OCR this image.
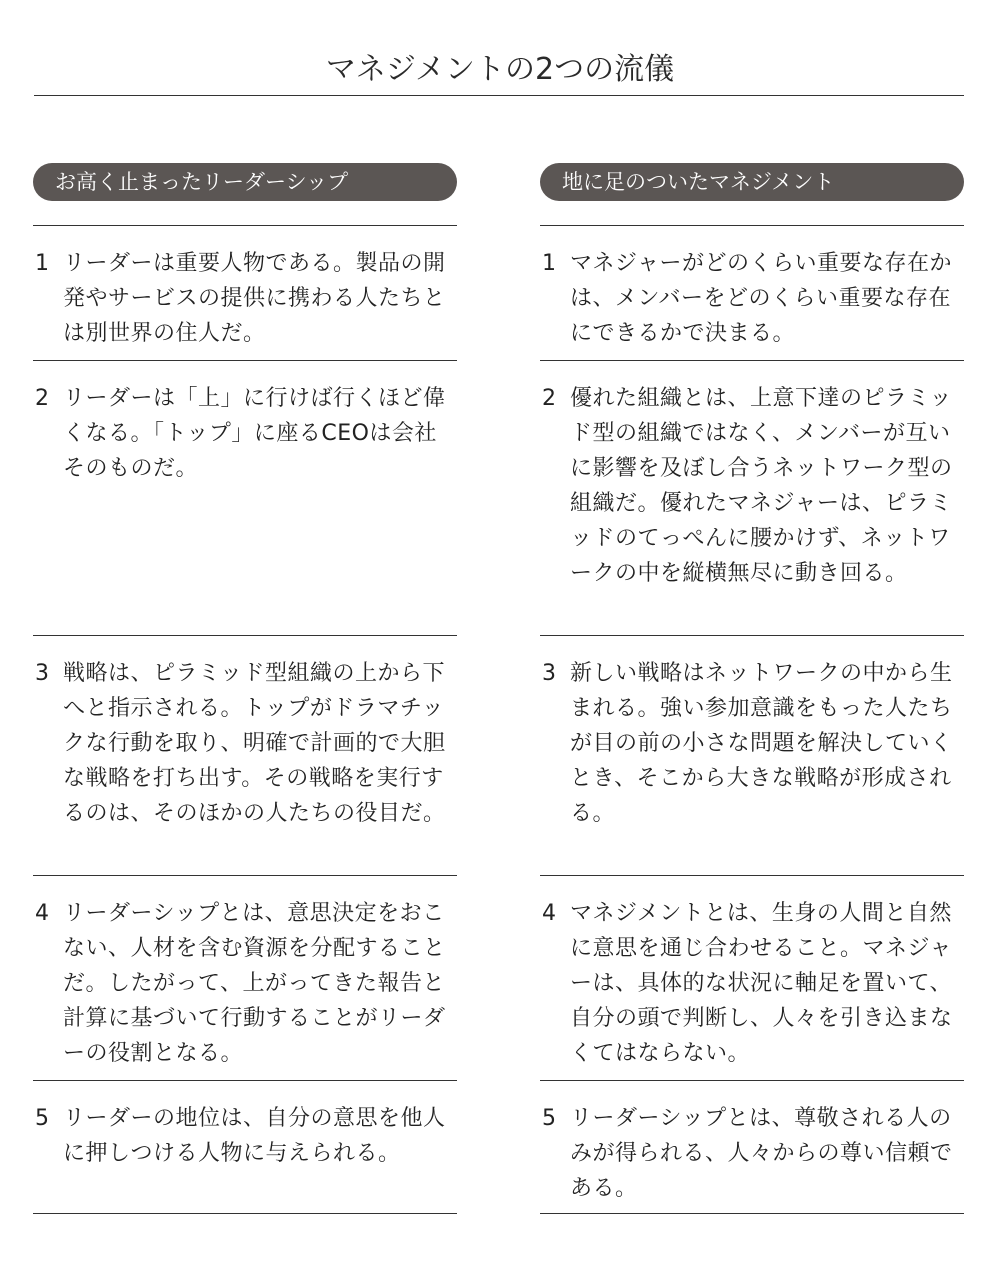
マネジメントの2つの流儀
お高く止まったリーダーシップ
1 リーダーは重要人物である。製品の開発やサービスの提供に携わる人たちとは別世界の住人だ。
2 リーダーは「上」に行けば行くほど偉くなる。「トップ」に座るCEOは会社そのものだ。
3 戦略は、ピラミッド型組織の上から下へと指示される。トップがドラマチックな行動を取り、明確で計画的で大胆な戦略を打ち出す。その戦略を実行するのは、そのほかの人たちの役目だ。
4 リーダーシップとは、意思決定をおこない、人材を含む資源を分配することだ。したがって、上がってきた報告と計算に基づいて行動することがリーダーの役割となる。
5 リーダーの地位は、自分の意思を他人に押しつける人物に与えられる。
地に足のついたマネジメント
1 マネジャーがどのくらい重要な存在かは、メンバーをどのくらい重要な存在にできるかで決まる。
2 優れた組織とは、上意下達のピラミッド型の組織ではなく、メンバーが互いに影響を及ぼし合うネットワーク型の組織だ。優れたマネジャーは、ピラミッドのてっぺんに腰かけず、ネットワークの中を縦横無尽に動き回る。
3 新しい戦略はネットワークの中から生まれる。強い参加意識をもった人たちが目の前の小さな問題を解決していくとき、そこから大きな戦略が形成される。
4 マネジメントとは、生身の人間と自然に意思を通じ合わせること。マネジャーは、具体的な状況に軸足を置いて、自分の頭で判断し、人々を引き込まなくてはならない。
5 リーダーシップとは、尊敬される人のみが得られる、人々からの尊い信頼である。
